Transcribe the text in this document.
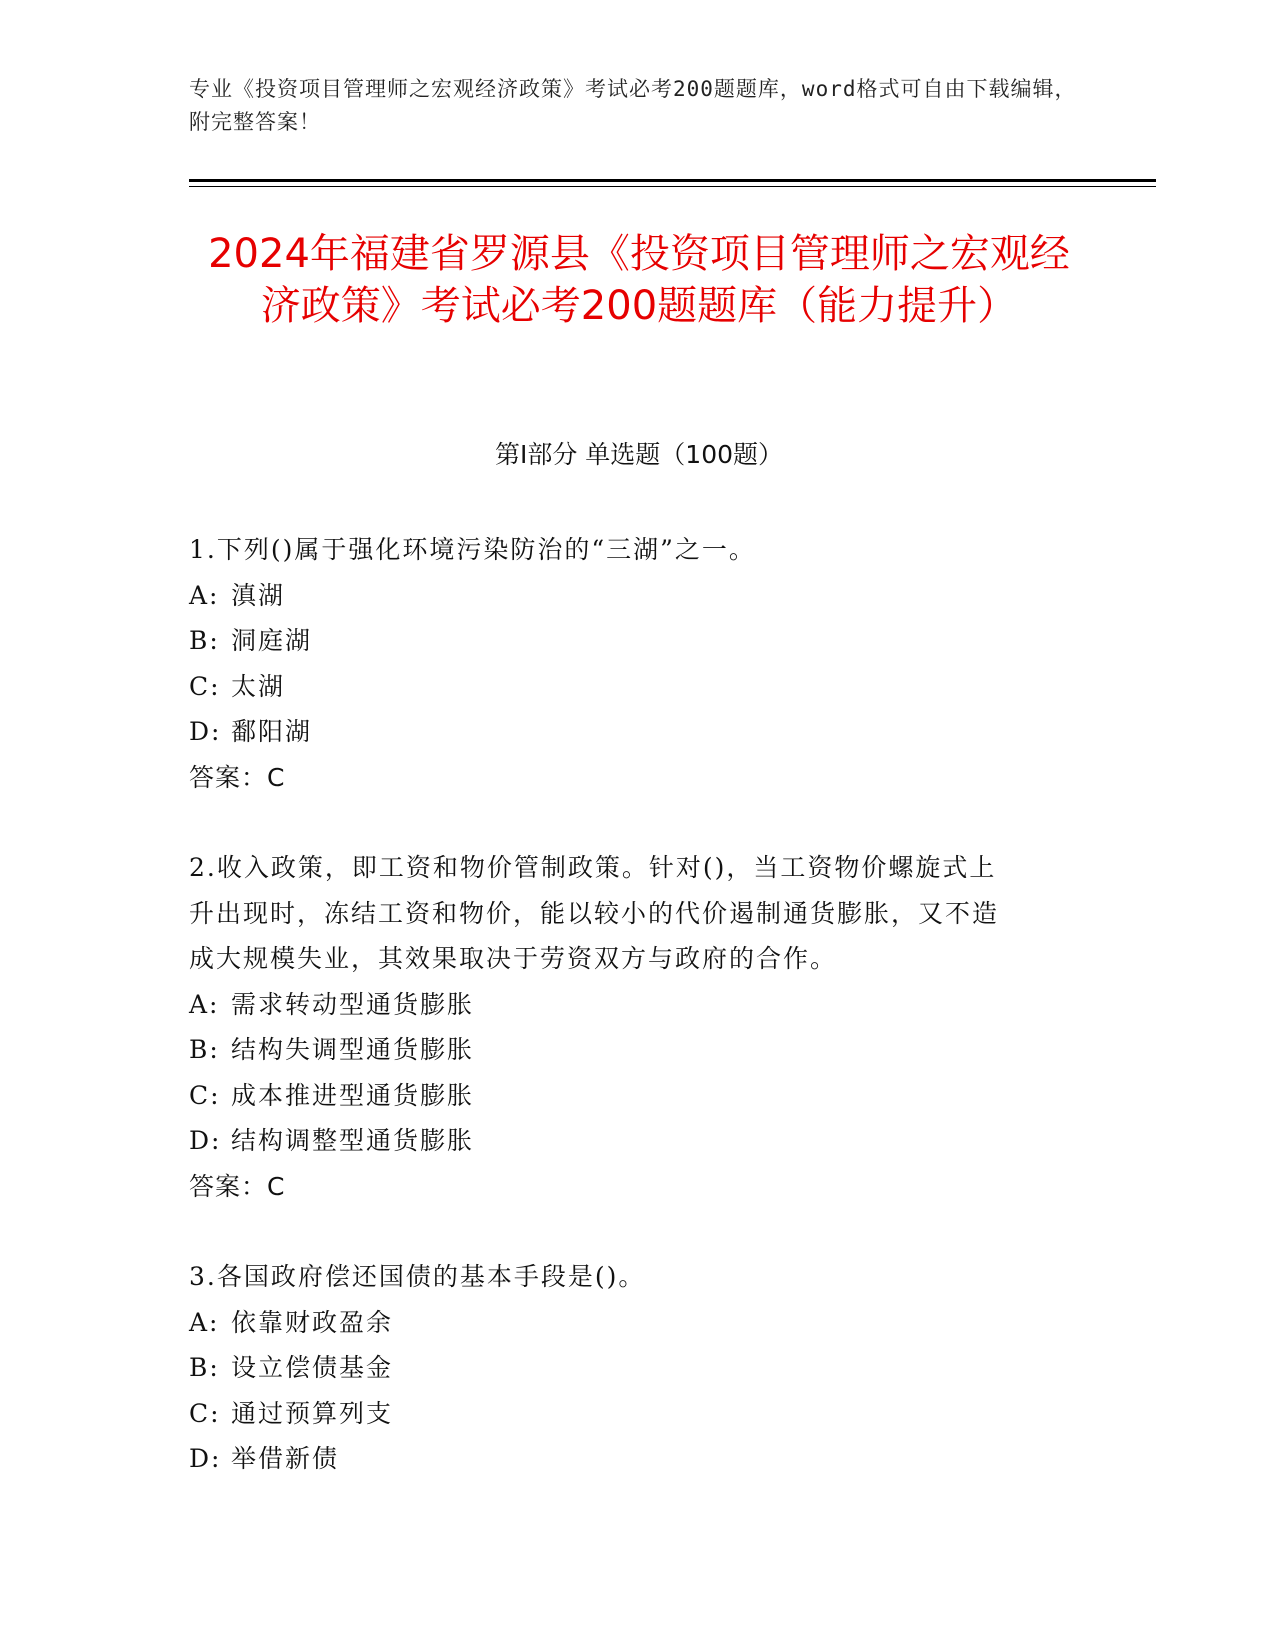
专业《投资项目管理师之宏观经济政策》考试必考200题题库，word格式可自由下载编辑，附完整答案！
2024年福建省罗源县《投资项目管理师之宏观经济政策》考试必考200题题库（能力提升）
第Ⅰ部分 单选题（100题）
1.下列()属于强化环境污染防治的“三湖”之一。
A: 滇湖
B: 洞庭湖
C: 太湖
D: 鄱阳湖
答案：C
2.收入政策，即工资和物价管制政策。针对()，当工资物价螺旋式上
升出现时，冻结工资和物价，能以较小的代价遏制通货膨胀，又不造
成大规模失业，其效果取决于劳资双方与政府的合作。
A: 需求转动型通货膨胀
B: 结构失调型通货膨胀
C: 成本推进型通货膨胀
D: 结构调整型通货膨胀
答案：C
3.各国政府偿还国债的基本手段是()。
A: 依靠财政盈余
B: 设立偿债基金
C: 通过预算列支
D: 举借新债
